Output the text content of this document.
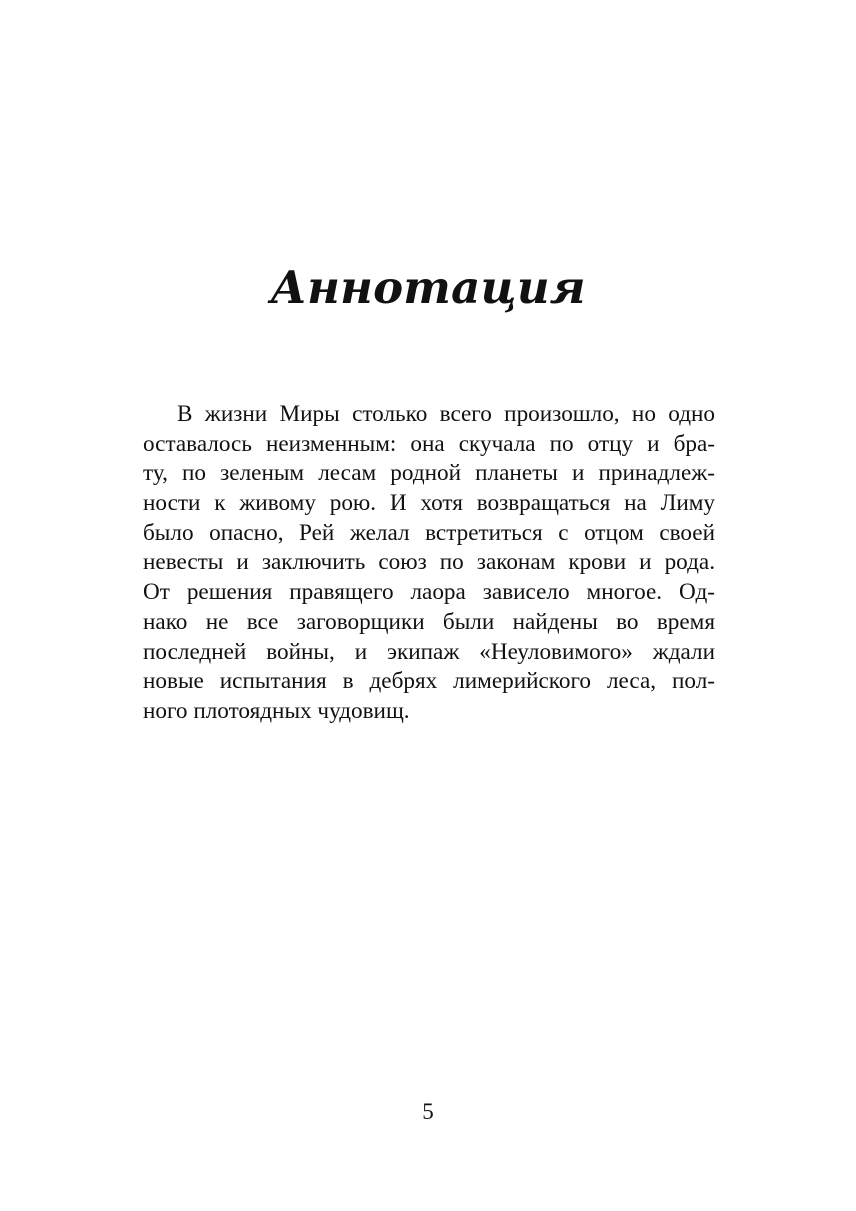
Аннотация
В жизни Миры столько всего произошло, но одно
оставалось неизменным: она скучала по отцу и бра-
ту, по зеленым лесам родной планеты и принадлеж-
ности к живому рою. И хотя возвращаться на Лиму
было опасно, Рей желал встретиться с отцом своей
невесты и заключить союз по законам крови и рода.
От решения правящего лаора зависело многое. Од-
нако не все заговорщики были найдены во время
последней войны, и экипаж «Неуловимого» ждали
новые испытания в дебрях лимерийского леса, пол-
ного плотоядных чудовищ.
5
